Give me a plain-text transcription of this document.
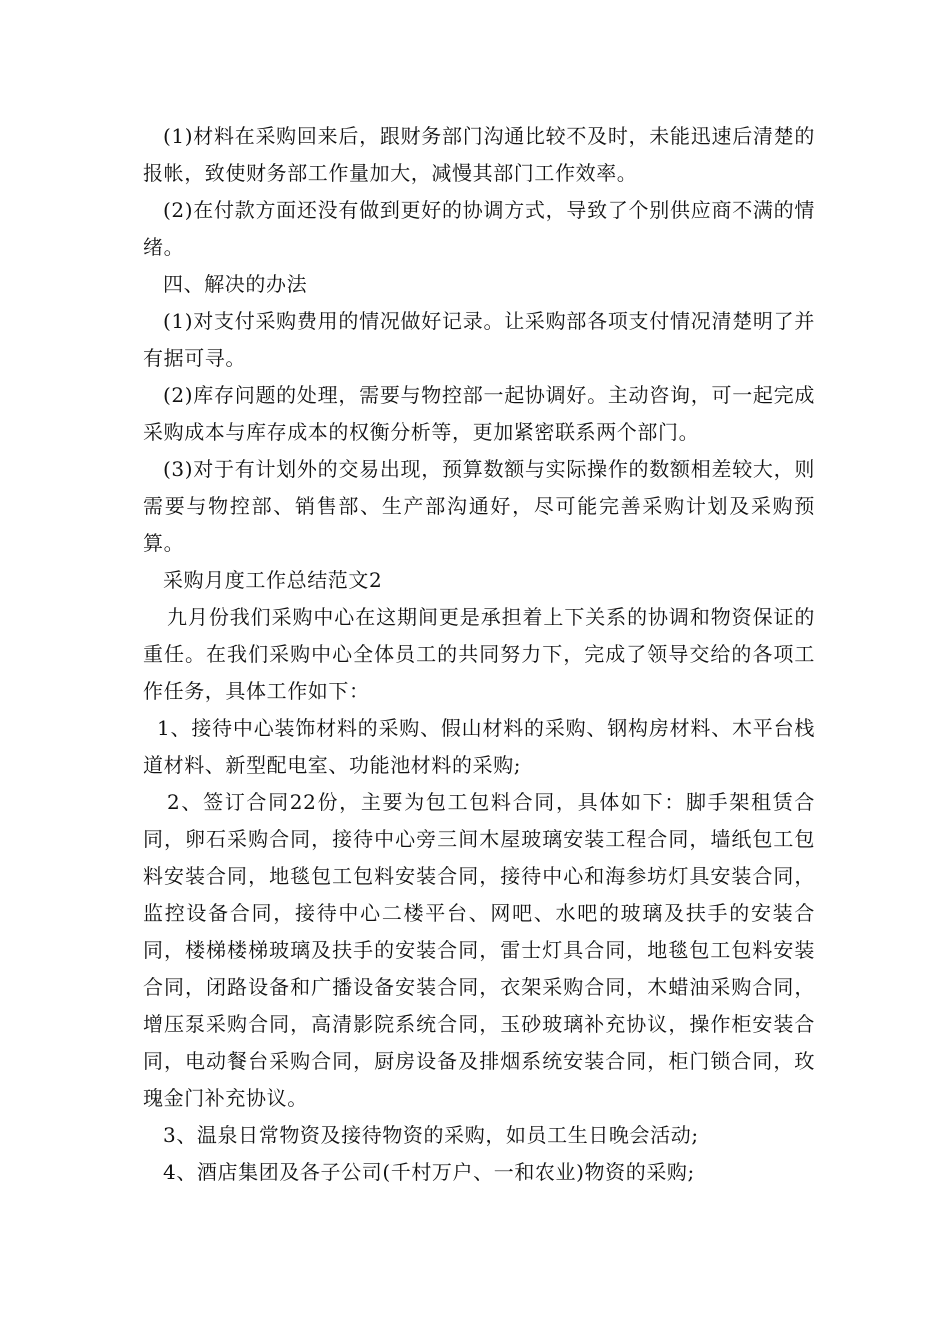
(1)材料在采购回来后，跟财务部门沟通比较不及时，未能迅速后清楚的报帐，致使财务部工作量加大，减慢其部门工作效率。

(2)在付款方面还没有做到更好的协调方式，导致了个别供应商不满的情绪。

四、解决的办法

(1)对支付采购费用的情况做好记录。让采购部各项支付情况清楚明了并有据可寻。

(2)库存问题的处理，需要与物控部一起协调好。主动咨询，可一起完成采购成本与库存成本的权衡分析等，更加紧密联系两个部门。

(3)对于有计划外的交易出现，预算数额与实际操作的数额相差较大，则需要与物控部、销售部、生产部沟通好，尽可能完善采购计划及采购预算。

采购月度工作总结范文2

九月份我们采购中心在这期间更是承担着上下关系的协调和物资保证的重任。在我们采购中心全体员工的共同努力下，完成了领导交给的各项工作任务，具体工作如下：

1、接待中心装饰材料的采购、假山材料的采购、钢构房材料、木平台栈道材料、新型配电室、功能池材料的采购;

2、签订合同22份，主要为包工包料合同，具体如下：脚手架租赁合同，卵石采购合同，接待中心旁三间木屋玻璃安装工程合同，墙纸包工包料安装合同，地毯包工包料安装合同，接待中心和海参坊灯具安装合同，监控设备合同，接待中心二楼平台、网吧、水吧的玻璃及扶手的安装合同，楼梯楼梯玻璃及扶手的安装合同，雷士灯具合同，地毯包工包料安装合同，闭路设备和广播设备安装合同，衣架采购合同，木蜡油采购合同，增压泵采购合同，高清影院系统合同，玉砂玻璃补充协议，操作柜安装合同，电动餐台采购合同，厨房设备及排烟系统安装合同，柜门锁合同，玫瑰金门补充协议。

3、温泉日常物资及接待物资的采购，如员工生日晚会活动;

4、酒店集团及各子公司(千村万户、一和农业)物资的采购;
